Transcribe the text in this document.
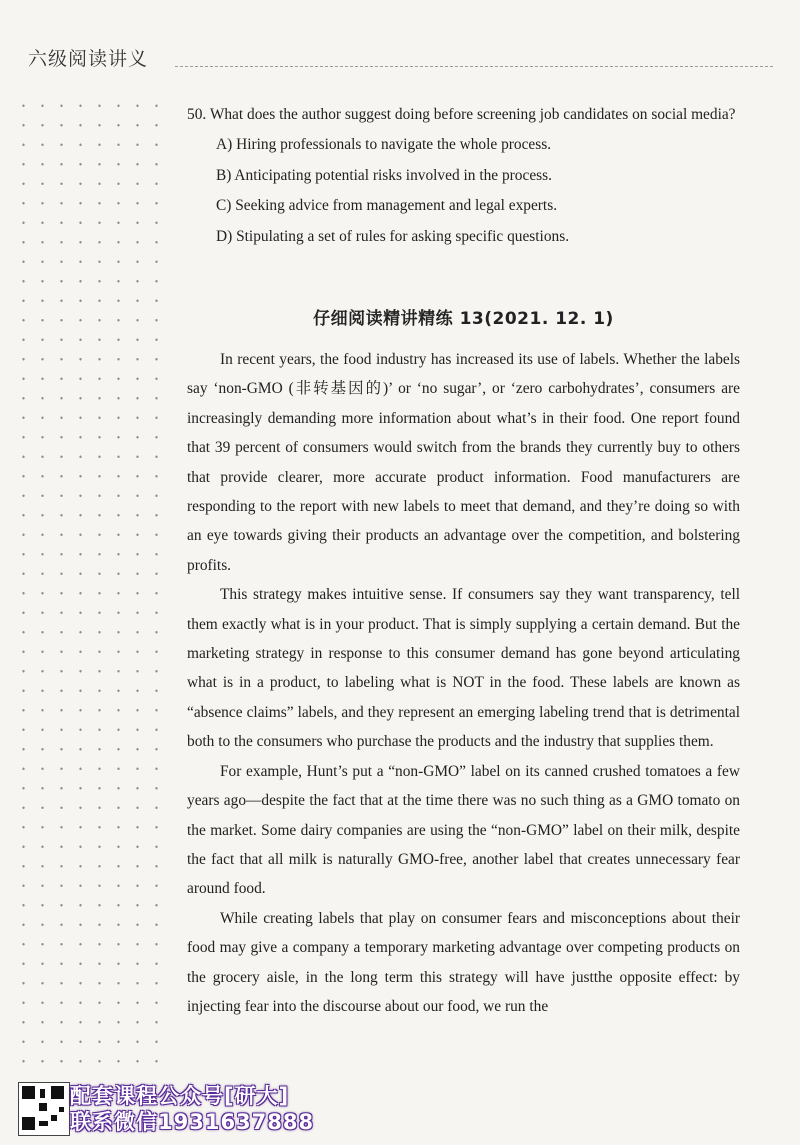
六级阅读讲义
50. What does the author suggest doing before screening job candidates on social media?
A) Hiring professionals to navigate the whole process.
B) Anticipating potential risks involved in the process.
C) Seeking advice from management and legal experts.
D) Stipulating a set of rules for asking specific questions.
仔细阅读精讲精练 13(2021. 12. 1)

In recent years, the food industry has increased its use of labels. Whether the labels say ‘non-GMO (非转基因的)’ or ‘no sugar’, or ‘zero carbohydrates’, consumers are increasingly demanding more information about what’s in their food. One report found that 39 percent of consumers would switch from the brands they currently buy to others that provide clearer, more accurate product information. Food manufacturers are responding to the report with new labels to meet that demand, and they’re doing so with an eye towards giving their products an advantage over the competition, and bolstering profits.

This strategy makes intuitive sense. If consumers say they want transparency, tell them exactly what is in your product. That is simply supplying a certain demand. But the marketing strategy in response to this consumer demand has gone beyond articulating what is in a product, to labeling what is NOT in the food. These labels are known as “absence claims” labels, and they represent an emerging labeling trend that is detrimental both to the consumers who purchase the products and the industry that supplies them.

For example, Hunt’s put a “non-GMO” label on its canned crushed tomatoes a few years ago—despite the fact that at the time there was no such thing as a GMO tomato on the market. Some dairy companies are using the “non-GMO” label on their milk, despite the fact that all milk is naturally GMO-free, another label that creates unnecessary fear around food.

While creating labels that play on consumer fears and misconceptions about their food may give a company a temporary marketing advantage over competing products on the grocery aisle, in the long term this strategy will have justthe opposite effect: by injecting fear into the discourse about our food, we run the

配套课程公众号[研大]
联系微信1931637888
